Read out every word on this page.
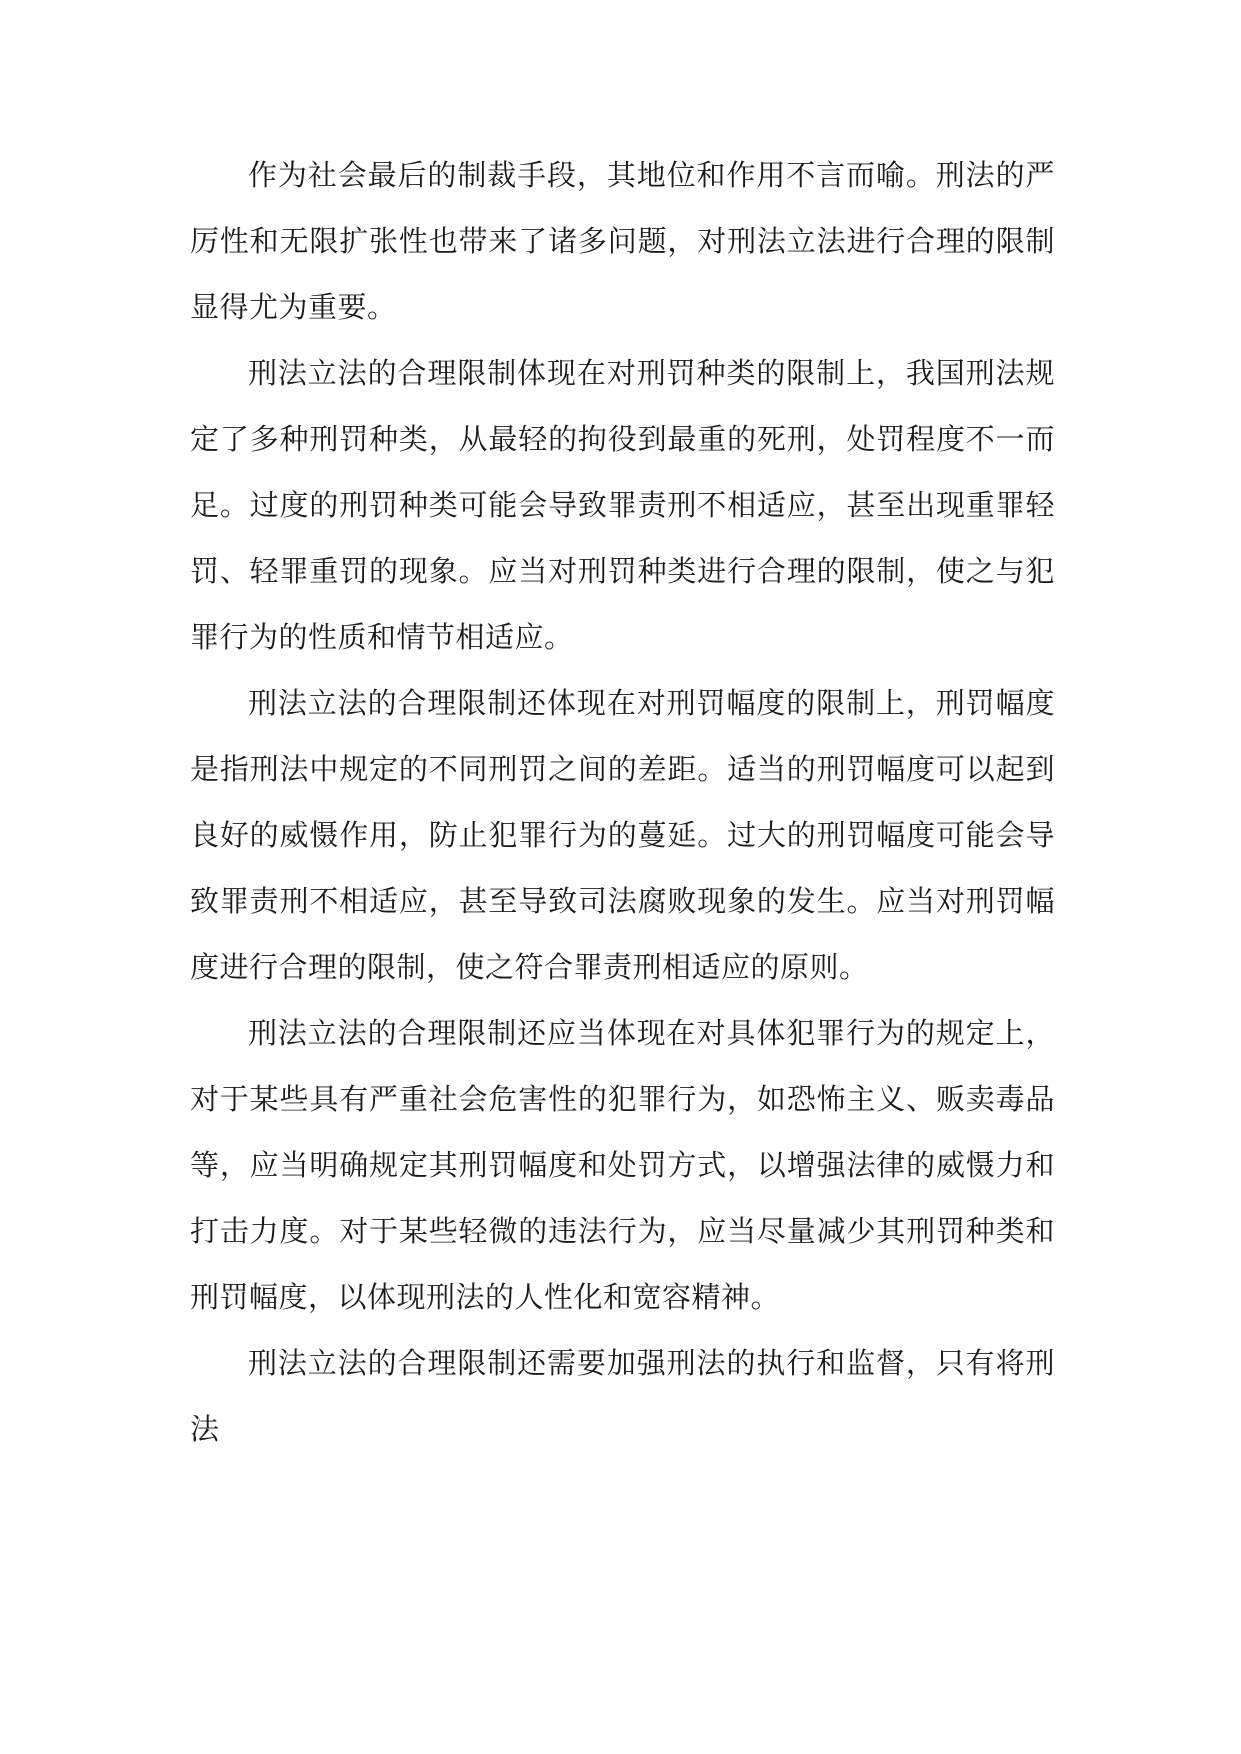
作为社会最后的制裁手段，其地位和作用不言而喻。刑法的严厉性和无限扩张性也带来了诸多问题，对刑法立法进行合理的限制显得尤为重要。

刑法立法的合理限制体现在对刑罚种类的限制上，我国刑法规定了多种刑罚种类，从最轻的拘役到最重的死刑，处罚程度不一而足。过度的刑罚种类可能会导致罪责刑不相适应，甚至出现重罪轻罚、轻罪重罚的现象。应当对刑罚种类进行合理的限制，使之与犯罪行为的性质和情节相适应。

刑法立法的合理限制还体现在对刑罚幅度的限制上，刑罚幅度是指刑法中规定的不同刑罚之间的差距。适当的刑罚幅度可以起到良好的威慑作用，防止犯罪行为的蔓延。过大的刑罚幅度可能会导致罪责刑不相适应，甚至导致司法腐败现象的发生。应当对刑罚幅度进行合理的限制，使之符合罪责刑相适应的原则。

刑法立法的合理限制还应当体现在对具体犯罪行为的规定上，对于某些具有严重社会危害性的犯罪行为，如恐怖主义、贩卖毒品等，应当明确规定其刑罚幅度和处罚方式，以增强法律的威慑力和打击力度。对于某些轻微的违法行为，应当尽量减少其刑罚种类和刑罚幅度，以体现刑法的人性化和宽容精神。

刑法立法的合理限制还需要加强刑法的执行和监督，只有将刑法
